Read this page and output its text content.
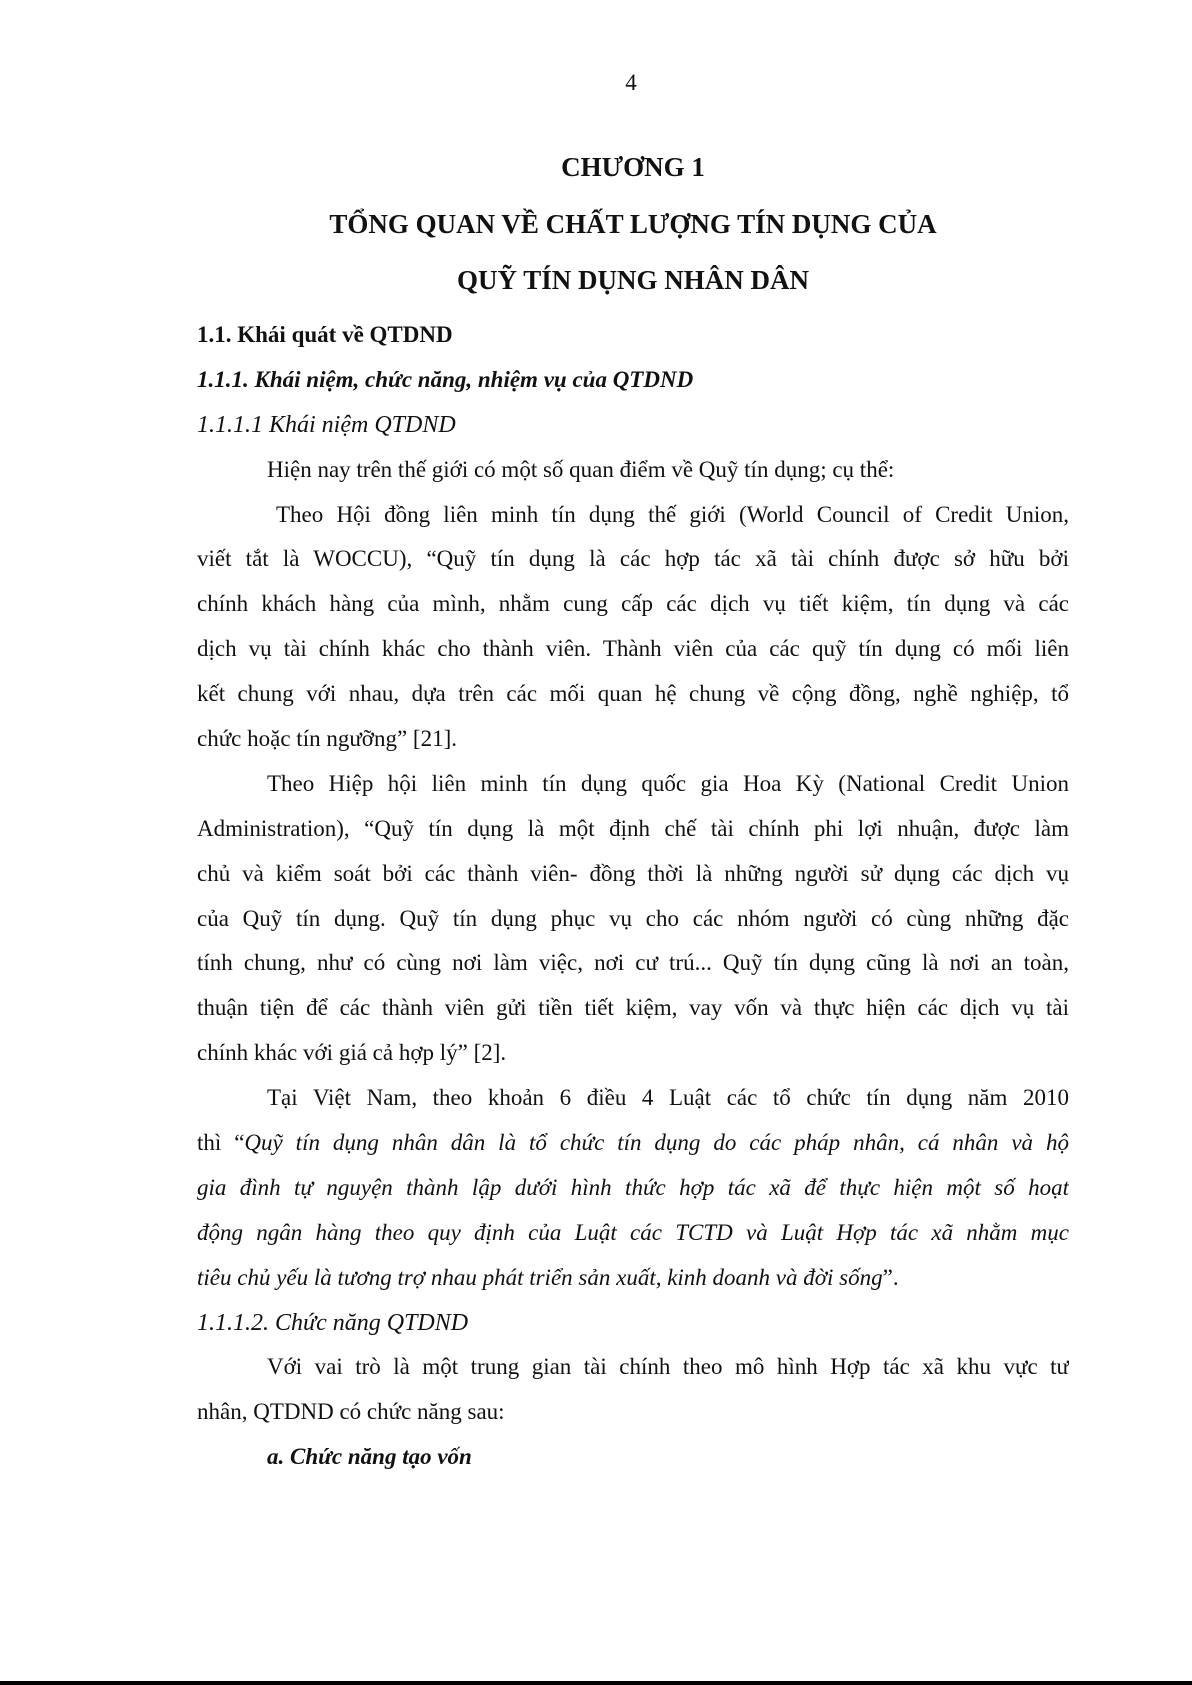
4
CHƯƠNG 1
TỔNG QUAN VỀ CHẤT LƯỢNG TÍN DỤNG CỦA
QUỸ TÍN DỤNG NHÂN DÂN
1.1. Khái quát về QTDND
1.1.1. Khái niệm, chức năng, nhiệm vụ của QTDND
1.1.1.1 Khái niệm QTDND
Hiện nay trên thế giới có một số quan điểm về Quỹ tín dụng; cụ thể:
Theo Hội đồng liên minh tín dụng thế giới (World Council of Credit Union,
viết tắt là WOCCU), “Quỹ tín dụng là các hợp tác xã tài chính được sở hữu bởi
chính khách hàng của mình, nhằm cung cấp các dịch vụ tiết kiệm, tín dụng và các
dịch vụ tài chính khác cho thành viên. Thành viên của các quỹ tín dụng có mối liên
kết chung với nhau, dựa trên các mối quan hệ chung về cộng đồng, nghề nghiệp, tổ
chức hoặc tín ngưỡng” [21].
Theo Hiệp hội liên minh tín dụng quốc gia Hoa Kỳ (National Credit Union
Administration), “Quỹ tín dụng là một định chế tài chính phi lợi nhuận, được làm
chủ và kiểm soát bởi các thành viên- đồng thời là những người sử dụng các dịch vụ
của Quỹ tín dụng. Quỹ tín dụng phục vụ cho các nhóm người có cùng những đặc
tính chung, như có cùng nơi làm việc, nơi cư trú... Quỹ tín dụng cũng là nơi an toàn,
thuận tiện để các thành viên gửi tiền tiết kiệm, vay vốn và thực hiện các dịch vụ tài
chính khác với giá cả hợp lý” [2].
Tại Việt Nam, theo khoản 6 điều 4 Luật các tổ chức tín dụng năm 2010
thì “Quỹ tín dụng nhân dân là tổ chức tín dụng do các pháp nhân, cá nhân và hộ
gia đình tự nguyện thành lập dưới hình thức hợp tác xã để thực hiện một số hoạt
động ngân hàng theo quy định của Luật các TCTD và Luật Hợp tác xã nhằm mục
tiêu chủ yếu là tương trợ nhau phát triển sản xuất, kinh doanh và đời sống”.
1.1.1.2. Chức năng QTDND
Với vai trò là một trung gian tài chính theo mô hình Hợp tác xã khu vực tư
nhân, QTDND có chức năng sau:
a. Chức năng tạo vốn
